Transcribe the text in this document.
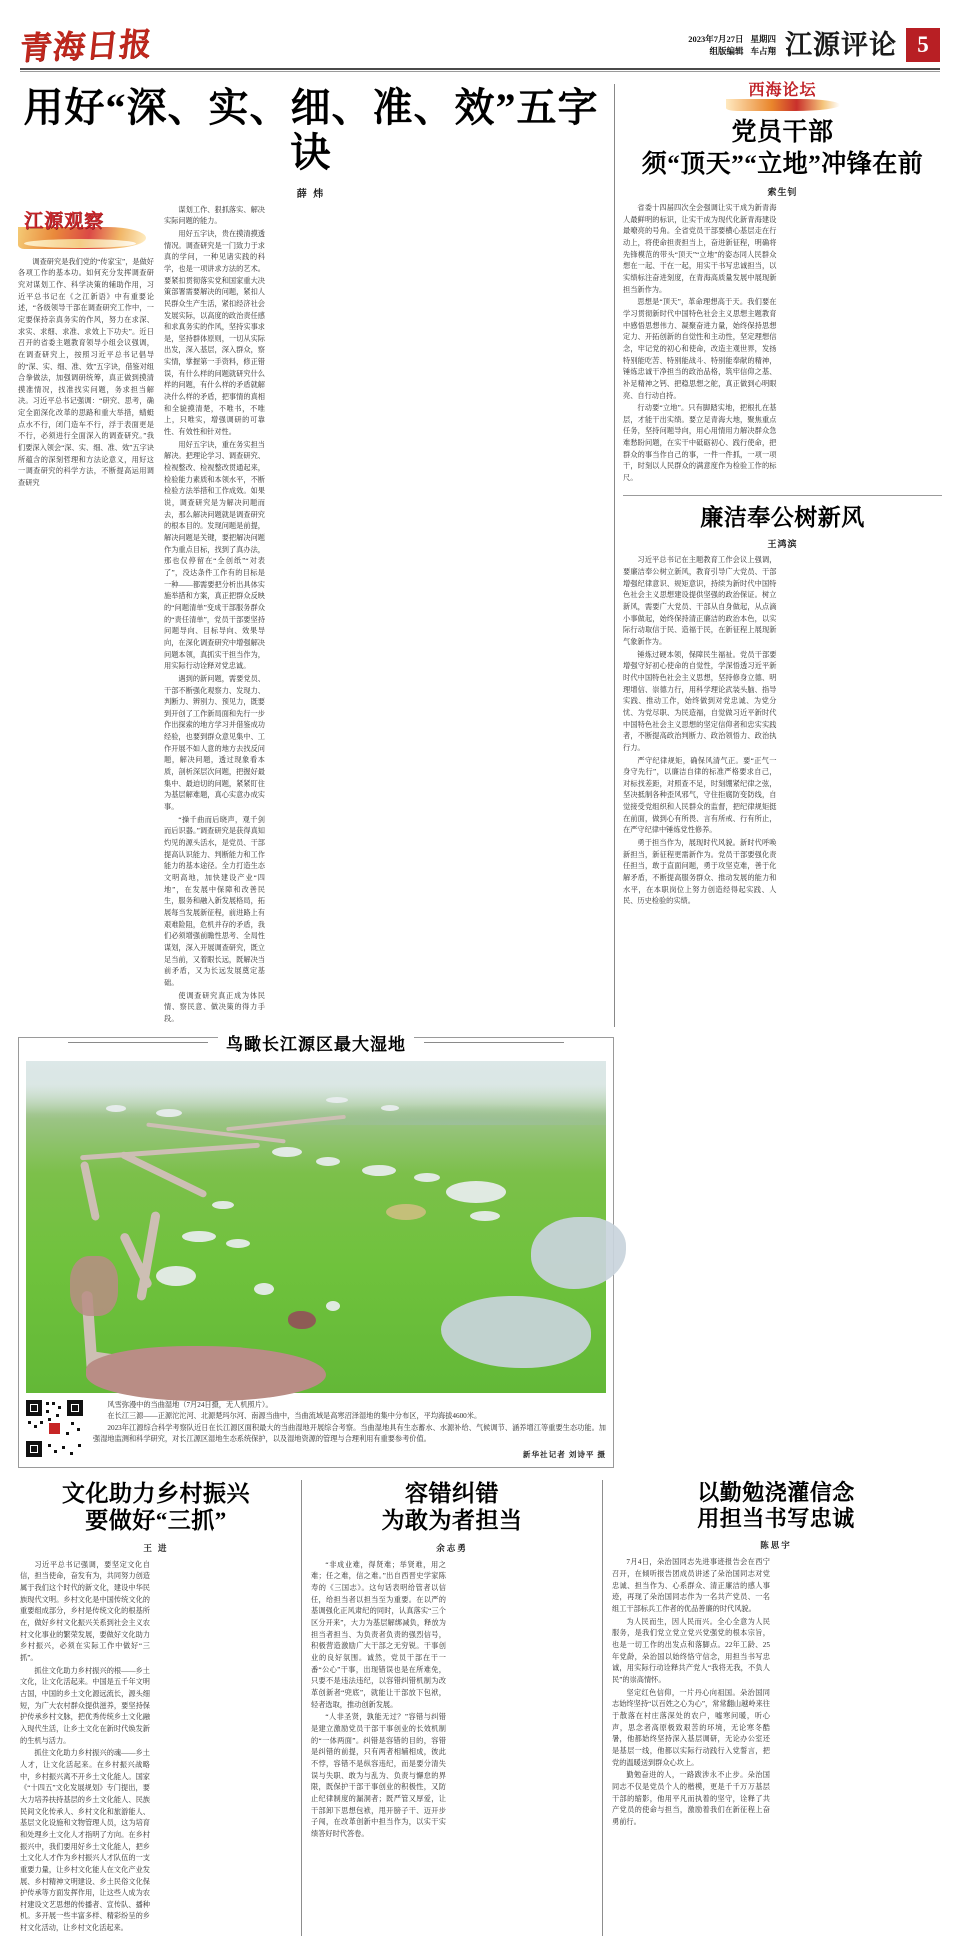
青海日报	2023年7月27日 星期四
组版编辑 车占翔 江源评论 5
用好“深、实、细、准、效”五字诀
薛 炜
江源观察

调查研究是我们党的“传家宝”，是做好各项工作的基本功。如何充分发挥调查研究对谋划工作、科学决策的辅助作用，习近平总书记在《之江新语》中有重要论述，“各级领导干部在调查研究工作中，一定要保持亲真务实的作风，努力在求深、求实、求细、求准、求效上下功夫”。近日召开的省委主题教育领导小组会议强调，在调查研究上，按照习近平总书记倡导的“深、实、细、准、效”五字诀，借鉴对组合拳做法，加强调研统筹，真正做到摸清摸准情况，找准找实问题，务求担当解决。习近平总书记强调：“研究、思考，确定全面深化改革的思路和重大举措，蜻蜓点水不行，闭门造车不行，浮于表面更是不行，必须进行全面深入的调查研究。”我们要深入领会“深、实、细、准、效”五字诀所蕴含的深刻哲理和方法论意义，用好这一调查研究的科学方法，不断提高运用调查研究

谋划工作、狠抓落实、解决实际问题的能力。

用好五字诀，贵在摸清摸透情况。调查研究是一门致力于求真的学问，一种见诸实践的科学，也是一项讲求方法的艺术。要紧扣贯彻落实党和国家重大决策部署需要解决的问题，紧扣人民群众生产生活，紧扣经济社会发展实际，以高度的政治责任感和求真务实的作风，坚持实事求是，坚持群体原则，一切从实际出发，深入基层，深入群众，察实情，掌握第一手资料，修正错误，有什么样的问题就研究什么样的问题，有什么样的矛盾就解决什么样的矛盾，把事情的真相和全貌摸清楚，不唯书，不唯上，只唯实，增强调研的可靠性、有效性和针对性。

用好五字诀，重在务实担当解决。把理论学习、调查研究、检视整改、检视整改贯通起来，检验能力素质和本领水平，不断检验方法举措和工作成效。如果说，调查研究是为解决问题而去，那么解决问题就是调查研究的根本目的。发现问题是前提，解决问题是关键，要把解决问题作为重点目标，找到了真办法，那也仅停留在“全创纸”“对表了”，没达条件工作有的目标是一种——都需要把分析出具体实施举措和方案，真正把群众反映的“问题清单”变成干部服务群众的“责任清单”，党员干部要坚持问题导向、目标导向、效果导向，在深化调查研究中增强解决问题本领，真抓实干担当作为，用实际行动诠释对党忠诚。

遇到的新问题，需要党员、干部不断强化观察力、发现力、判断力、辨别力、预见力，既要到开创了工作新局面和先行一步作出探索的地方学习并借鉴成功经验，也要到群众意见集中、工作开展不如人意的地方去找反问题，解决问题，透过现象看本质，剖析深层次问题，把握好最集中、最迫切的问题，紧紧盯住为基层解难题，真心实意办成实事。

“操千曲而后晓声，观千剑而后识器。”调查研究是获得真知灼见的源头活水，是党员、干部提高认识能力、判断能力和工作能力的基本途径。全力打造生态文明高地，加快建设产业“四地”，在发展中保障和改善民生，服务和融入新发展格局，拓展每当发展新征程，前进路上有艰难险阻，危机并存的矛盾，我们必须增强前瞻性思考、全局性谋划，深入开展调查研究，既立足当前，又着眼长远，既解决当前矛盾，又为长远发展奠定基础。

使调查研究真正成为体民情、察民意、做决策的得力手段。

西海论坛
党员干部
须“顶天”“立地”冲锋在前
索生钊

省委十四届四次全会强调让实干成为新青海人最鲜明的标识，让实干成为现代化新青海建设最嘹亮的号角。全省党员干部要横心基层走在行动上，将使命担责担当上，奋进新征程，明确将先锋模范的带头“顶天”“立地”的姿态同人民群众想在一起、干在一起，用实干书写忠诚担当，以实绩标注奋进刻度，在青海高质量发展中展现新担当新作为。

思想是“顶天”，革命理想高于天。我们要在学习贯彻新时代中国特色社会主义思想主题教育中感悟思想伟力、凝聚奋进力量，始终保持思想定力、开拓创新的自觉性和主动性，坚定理想信念，牢记党的初心和使命，改造主观世界，发扬特别能吃苦、特别能战斗、特别能奉献的精神，锤炼忠诚干净担当的政治品格，筑牢信仰之基、补足精神之钙、把稳思想之舵，真正做到心明眼亮、自行动自持。

行动要“立地”。只有脚踏实地，把根扎在基层，才能干出实绩。要立足青海大地，聚焦重点任务，坚持问题导向，用心用情用力解决群众急难愁盼问题，在实干中砥砺初心、践行使命，把群众的事当作自己的事，一件一件抓，一项一项干，时刻以人民群众的满意度作为检验工作的标尺。

廉洁奉公树新风
王鸿滨

习近平总书记在主题教育工作会议上强调，要廉洁奉公树立新风，教育引导广大党员、干部增强纪律意识、规矩意识，持续为新时代中国特色社会主义思想建设提供坚强的政治保证。树立新风，需要广大党员、干部从自身做起，从点滴小事做起，始终保持清正廉洁的政治本色，以实际行动取信于民、造福于民，在新征程上展现新气象新作为。

锤炼过硬本领，保障民生福祉。党员干部要增强守好初心使命的自觉性，学深悟透习近平新时代中国特色社会主义思想，坚持修身立德、明理增信、崇德力行，用科学理论武装头脑、指导实践、推动工作，始终做到对党忠诚、为党分忧、为党尽职、为民造福，自觉做习近平新时代中国特色社会主义思想的坚定信仰者和忠实实践者，不断提高政治判断力、政治领悟力、政治执行力。

严守纪律规矩，确保风清气正。要“正气一身守先行”，以廉洁自律的标准严格要求自己，对标找差距，对照查不足，时刻绷紧纪律之弦，坚决抵制各种歪风邪气，守住拒腐防变防线，自觉接受党组织和人民群众的监督，把纪律规矩挺在前面，做到心有所畏、言有所戒、行有所止，在严守纪律中锤炼党性修养。

勇于担当作为，展现时代风貌。新时代呼唤新担当，新征程更需新作为。党员干部要强化责任担当，敢于直面问题，勇于攻坚克难，善于化解矛盾，不断提高服务群众、推动发展的能力和水平，在本职岗位上努力创造经得起实践、人民、历史检验的实绩。

鸟瞰长江源区最大湿地

风雪弥漫中的当曲湿地（7月24日摄，无人机照片）。

在长江三源——正源沱沱河、北源楚玛尔河、南源当曲中，当曲流域是高寒沼泽湿地的集中分布区，平均海拔4600米。

2023年江源综合科学考察队近日在长江源区面积最大的当曲湿地开展综合考察。当曲湿地具有生态蓄水、水源补给、气候调节、涵养增江等重要生态功能。加强湿地监测和科学研究，对长江源区湿地生态系统保护，以及湿地资源的管理与合理利用有重要参考价值。

新华社记者 刘诗平 摄
文化助力乡村振兴
要做好“三抓”
王 进

习近平总书记强调，要坚定文化自信，担当使命，奋发有为，共同努力创造属于我们这个时代的新文化，建设中华民族现代文明。乡村文化是中国传统文化的重要组成部分，乡村是传统文化的根基所在，做好乡村文化振兴关系到社会主义农村文化事业的繁荣发展，要做好文化助力乡村振兴，必须在实际工作中做好“三抓”。

抓住文化助力乡村振兴的根——乡土文化，让文化活起来。中国是五千年文明古国，中国的乡土文化源远流长，源头细短，为广大农村群众提供滋养，要坚持保护传承乡村文脉，把优秀传统乡土文化融入现代生活，让乡土文化在新时代焕发新的生机与活力。

抓住文化助力乡村振兴的魂——乡土人才，让文化活起来。在乡村振兴战略中，乡村振兴离不开乡土文化能人。国家《“十四五”文化发展规划》专门提出，要大力培养扶持基层的乡土文化能人、民族民间文化传承人、乡村文化和旅游能人、基层文化设施和文物管理人员，这为培育和处理乡土文化人才指明了方向。在乡村振兴中，我们要用好乡土文化能人，把乡土文化人才作为乡村振兴人才队伍的一支重要力量，让乡村文化能人在文化产业发展、乡村精神文明建设、乡土民俗文化保护传承等方面发挥作用，让这些人成为农村建设文艺思想的传播者、宣传队、播种机。多开展一些丰富多样、精彩纷呈的乡村文化活动，让乡村文化活起来。

容错纠错
为敢为者担当
余志勇

“非成业难，得贤难；举贤难，用之难；任之难，信之难。”出自西晋史学家陈寿的《三国志》。这句话表明给管者以信任，给担当者以担当至为重要。在以严的基调强化正风肃纪的同时，认真落实“三个区分开来”，大力为基层解绑减负，释放为担当者担当、为负责者负责的强烈信号，积极营造激励广大干部之无穷锐。干事创业的良好氛围。诚然，党员干部在干一番“公心”干事，出现错误也是在所难免，只要不是违法违纪，以容错纠错机制为改革创新者“兜底”，就能让干部放下包袱，轻者选取，推动创新发展。

“人非圣贤，孰能无过？”容错与纠错是建立激励党员干部干事创业的长效机制的“一体两面”。纠错是容错的目的，容错是纠错的前提，只有两者相辅相成，彼此不悖，容错不是纵容违纪，而是要分清失误与失职、敢为与乱为、负责与懈怠的界限，既保护干部干事创业的积极性，又防止纪律制度的漏洞者；既严管又厚爱，让干部卸下思想包袱，甩开膀子干、迈开步子闯，在改革创新中担当作为，以实干实绩答好时代答卷。

以勤勉浇灌信念
用担当书写忠诚
陈思宇

7月4日，朵治国同志先进事迹报告会在西宁召开，在倾听报告团成员讲述了朵治国同志对党忠诚、担当作为、心系群众、清正廉洁的感人事迹，再现了朵治国同志作为一名共产党员、一名组工干部标兵工作者的优品善廉的时代风貌。

为人民而生，因人民而兴。全心全意为人民服务，是我们党立党立党兴党强党的根本宗旨，也是一切工作的出发点和落脚点。22年工龄、25年党龄，朵治国以始终恪守信念，用担当书写忠诚，用实际行动诠释共产党人“我将无我，不负人民”的崇高情怀。

坚定红色信仰，一片丹心向祖国。朵治国同志始终坚持“以百姓之心为心”，常常翻山越岭来往于散落在村庄落深处的农户，嘘寒问暖，听心声，思念者高原极致艰苦的环境，无论寒冬酷暑，他都始终坚持深入基层调研，无论办公室还是基层一线，他都以实际行动践行入党誓言，把党的温暖送到群众心坎上。

勤勉奋进的人，一路跋涉永不止步。朵治国同志不仅是党员个人的楷模，更是千千万万基层干部的缩影，他用平凡而执着的坚守，诠释了共产党员的使命与担当，激励着我们在新征程上奋勇前行。
